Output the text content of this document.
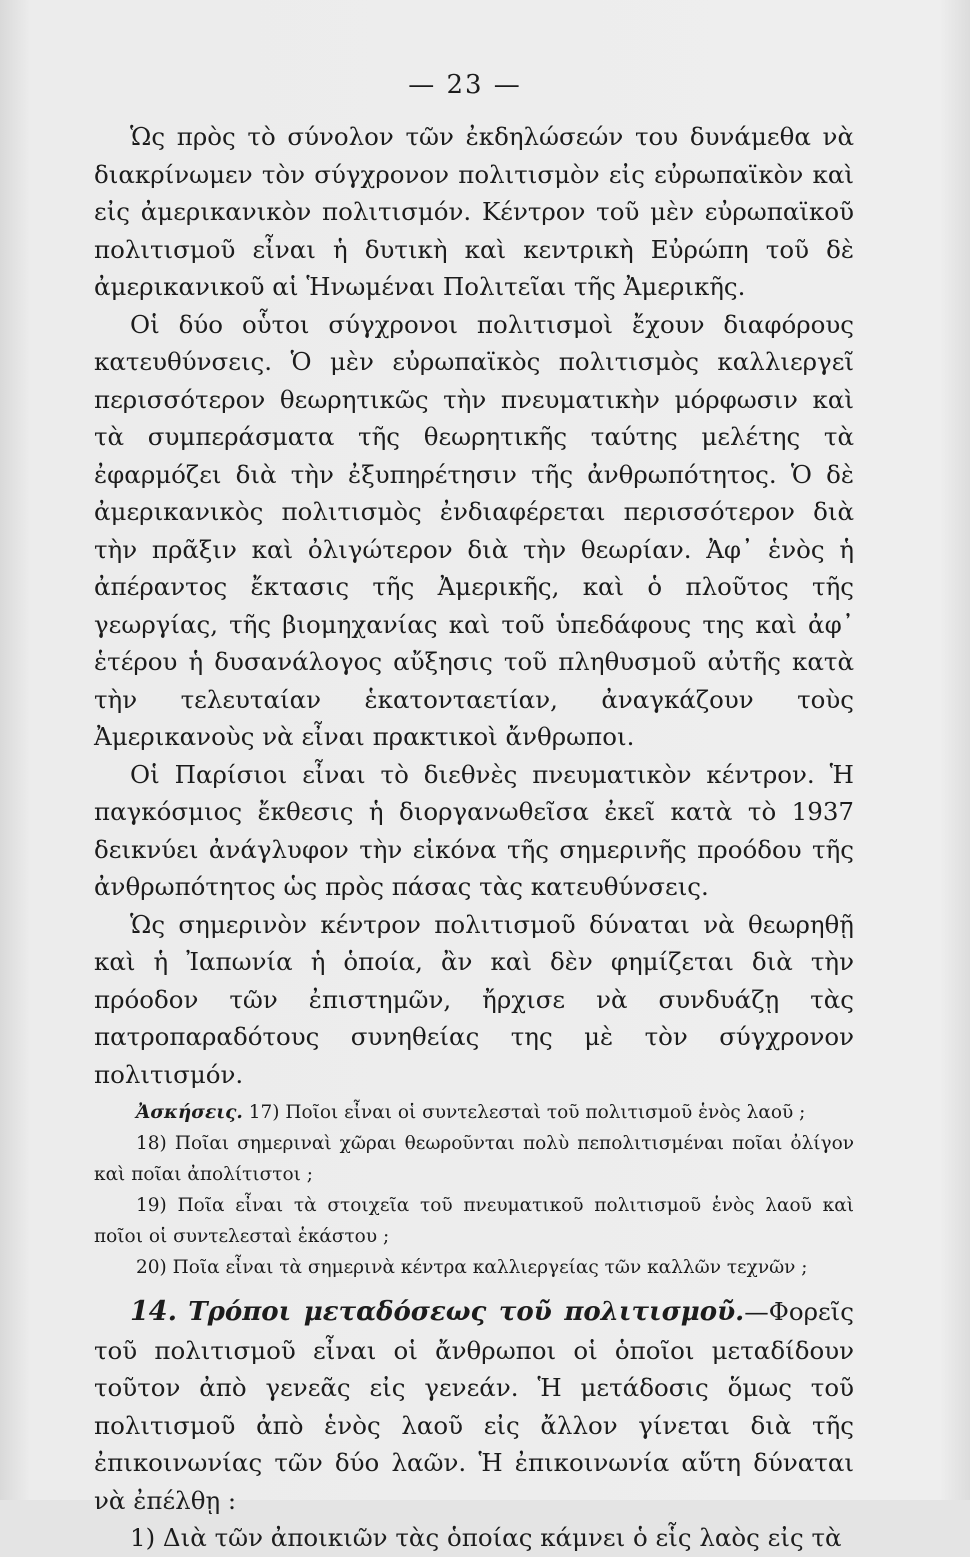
— 23 —

Ὡς πρὸς τὸ σύνολον τῶν ἐκδηλώσεών του δυνάμεθα νὰ διακρίνωμεν τὸν σύγχρονον πολιτισμὸν εἰς εὐρωπαϊκὸν καὶ εἰς ἀμερικανικὸν πολιτισμόν. Κέντρον τοῦ μὲν εὐρωπαϊκοῦ πολιτισμοῦ εἶναι ἡ δυτικὴ καὶ κεντρικὴ Εὐρώπη τοῦ δὲ ἀμερικανικοῦ αἱ Ἡνωμέναι Πολιτεῖαι τῆς Ἀμερικῆς.

Οἱ δύο οὗτοι σύγχρονοι πολιτισμοὶ ἔχουν διαφόρους κατευθύνσεις. Ὁ μὲν εὐρωπαϊκὸς πολιτισμὸς καλλιεργεῖ περισσότερον θεωρητικῶς τὴν πνευματικὴν μόρφωσιν καὶ τὰ συμπεράσματα τῆς θεωρητικῆς ταύτης μελέτης τὰ ἐφαρμόζει διὰ τὴν ἐξυπηρέτησιν τῆς ἀνθρωπότητος. Ὁ δὲ ἀμερικανικὸς πολιτισμὸς ἐνδιαφέρεται περισσότερον διὰ τὴν πρᾶξιν καὶ ὀλιγώτερον διὰ τὴν θεωρίαν. Ἀφ᾽ ἑνὸς ἡ ἀπέραντος ἔκτασις τῆς Ἀμερικῆς, καὶ ὁ πλοῦτος τῆς γεωργίας, τῆς βιομηχανίας καὶ τοῦ ὑπεδάφους της καὶ ἀφ᾽ ἑτέρου ἡ δυσανάλογος αὔξησις τοῦ πληθυσμοῦ αὐτῆς κατὰ τὴν τελευταίαν ἑκατονταετίαν, ἀναγκάζουν τοὺς Ἀμερικανοὺς νὰ εἶναι πρακτικοὶ ἄνθρωποι.

Οἱ Παρίσιοι εἶναι τὸ διεθνὲς πνευματικὸν κέντρον. Ἡ παγκόσμιος ἔκθεσις ἡ διοργανωθεῖσα ἐκεῖ κατὰ τὸ 1937 δεικνύει ἀνάγλυφον τὴν εἰκόνα τῆς σημερινῆς προόδου τῆς ἀνθρωπότητος ὡς πρὸς πάσας τὰς κατευθύνσεις.

Ὡς σημερινὸν κέντρον πολιτισμοῦ δύναται νὰ θεωρηθῇ καὶ ἡ Ἰαπωνία ἡ ὁποία, ἂν καὶ δὲν φημίζεται διὰ τὴν πρόοδον τῶν ἐπιστημῶν, ἤρχισε νὰ συνδυάζῃ τὰς πατροπαραδότους συνηθείας της μὲ τὸν σύγχρονον πολιτισμόν.

Ἀσκήσεις. 17) Ποῖοι εἶναι οἱ συντελεσταὶ τοῦ πολιτισμοῦ ἑνὸς λαοῦ ;

18) Ποῖαι σημεριναὶ χῶραι θεωροῦνται πολὺ πεπολιτισμέναι ποῖαι ὀλίγον καὶ ποῖαι ἀπολίτιστοι ;

19) Ποῖα εἶναι τὰ στοιχεῖα τοῦ πνευματικοῦ πολιτισμοῦ ἑνὸς λαοῦ καὶ ποῖοι οἱ συντελεσταὶ ἑκάστου ;

20) Ποῖα εἶναι τὰ σημερινὰ κέντρα καλλιεργείας τῶν καλλῶν τεχνῶν ;

14. Τρόποι μεταδόσεως τοῦ πολιτισμοῦ.—Φορεῖς τοῦ πολιτισμοῦ εἶναι οἱ ἄνθρωποι οἱ ὁποῖοι μεταδίδουν τοῦτον ἀπὸ γενεᾶς εἰς γενεάν. Ἡ μετάδοσις ὅμως τοῦ πολιτισμοῦ ἀπὸ ἑνὸς λαοῦ εἰς ἄλλον γίνεται διὰ τῆς ἐπικοινωνίας τῶν δύο λαῶν. Ἡ ἐπικοινωνία αὕτη δύναται νὰ ἐπέλθῃ :

1) Διὰ τῶν ἀποικιῶν τὰς ὁποίας κάμνει ὁ εἷς λαὸς εἰς τὰ
